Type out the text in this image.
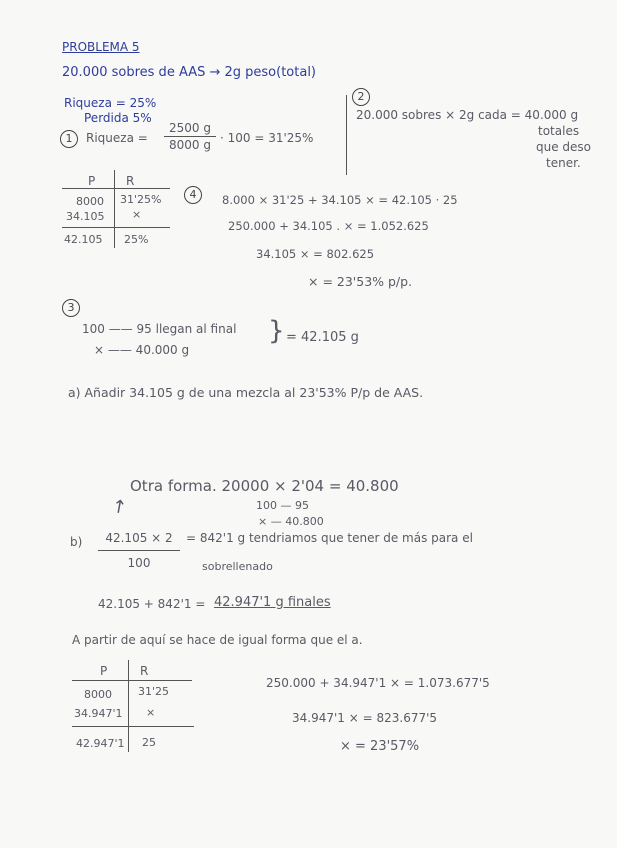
PROBLEMA 5
20.000 sobres de AAS → 2g peso(total)
Riqueza = 25%
Perdida 5%
1	Riqueza =
2500 g
8000 g · 100 = 31'25%
2
20.000 sobres × 2g cada = 40.000 g
totales
que deso
tener.
P	R
8000 31'25%
34.105	×
42.105 25%
4	8.000 × 31'25 + 34.105 × = 42.105 · 25
250.000 + 34.105 . × = 1.052.625
34.105 × = 802.625
× = 23'53% p/p.
3
100 —— 95 llegan al final
× —— 40.000 g
} = 42.105 g
a) Añadir 34.105 g de una mezcla al 23'53% P/p de AAS.
Otra forma. 20000 × 2'04 = 40.800
100 — 95
× — 40.800
↗
b)	42.105 × 2
100
= 842'1 g tendriamos que tener de más para el
sobrellenado
42.105 + 842'1 = 42.947'1 g finales
A partir de aquí se hace de igual forma que el a.
P	R
8000 31'25
34.947'1 ×
42.947'1 25
250.000 + 34.947'1 × = 1.073.677'5
34.947'1 × = 823.677'5
× = 23'57%
